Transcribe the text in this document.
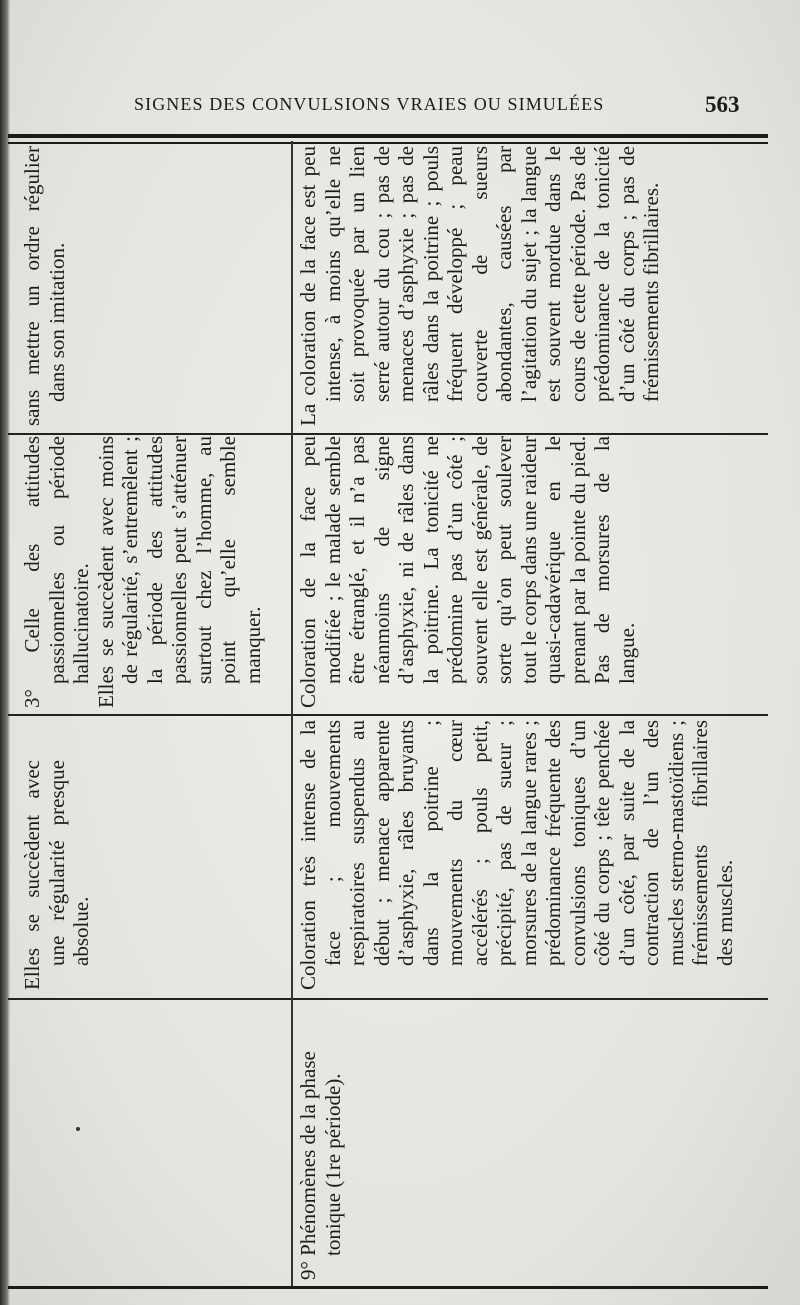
SIGNES DES CONVULSIONS VRAIES OU SIMULÉES	563

Elles se succèdent avec une régularité presque absolue.

3° Celle des attitudes passionnelles ou période hallucinatoire. Elles se succèdent avec moins de régularité, s’entremêlent ; la période des attitudes passionnelles peut s’atténuer surtout chez l’homme, au point qu’elle semble manquer.

sans mettre un ordre régulier dans son imitation.

9° Phénomènes de la phase tonique (1re période).

Coloration très intense de la face ; mouvements respiratoires suspendus au début ; menace apparente d’asphyxie, râles bruyants dans la poitrine ; mouvements du cœur accélérés ; pouls petit, précipité, pas de sueur ; morsures de la langue rares ; prédominance fréquente des convulsions toniques d’un côté du corps ; tête penchée d’un côté, par suite de la contraction de l’un des muscles sterno-mastoïdiens ; frémissements fibrillaires des muscles.

Coloration de la face peu modifiée ; le malade semble être étranglé, et il n’a pas néanmoins de signe d’asphyxie, ni de râles dans la poitrine. La tonicité ne prédomine pas d’un côté ; souvent elle est générale, de sorte qu’on peut soulever tout le corps dans une raideur quasi-cadavérique en le prenant par la pointe du pied. Pas de morsures de la langue.

La coloration de la face est peu intense, à moins qu’elle ne soit provoquée par un lien serré autour du cou ; pas de menaces d’asphyxie ; pas de râles dans la poitrine ; pouls fréquent développé ; peau couverte de sueurs abondantes, causées par l’agitation du sujet ; la langue est souvent mordue dans le cours de cette période. Pas de prédominance de la tonicité d’un côté du corps ; pas de frémissements fibrillaires.
